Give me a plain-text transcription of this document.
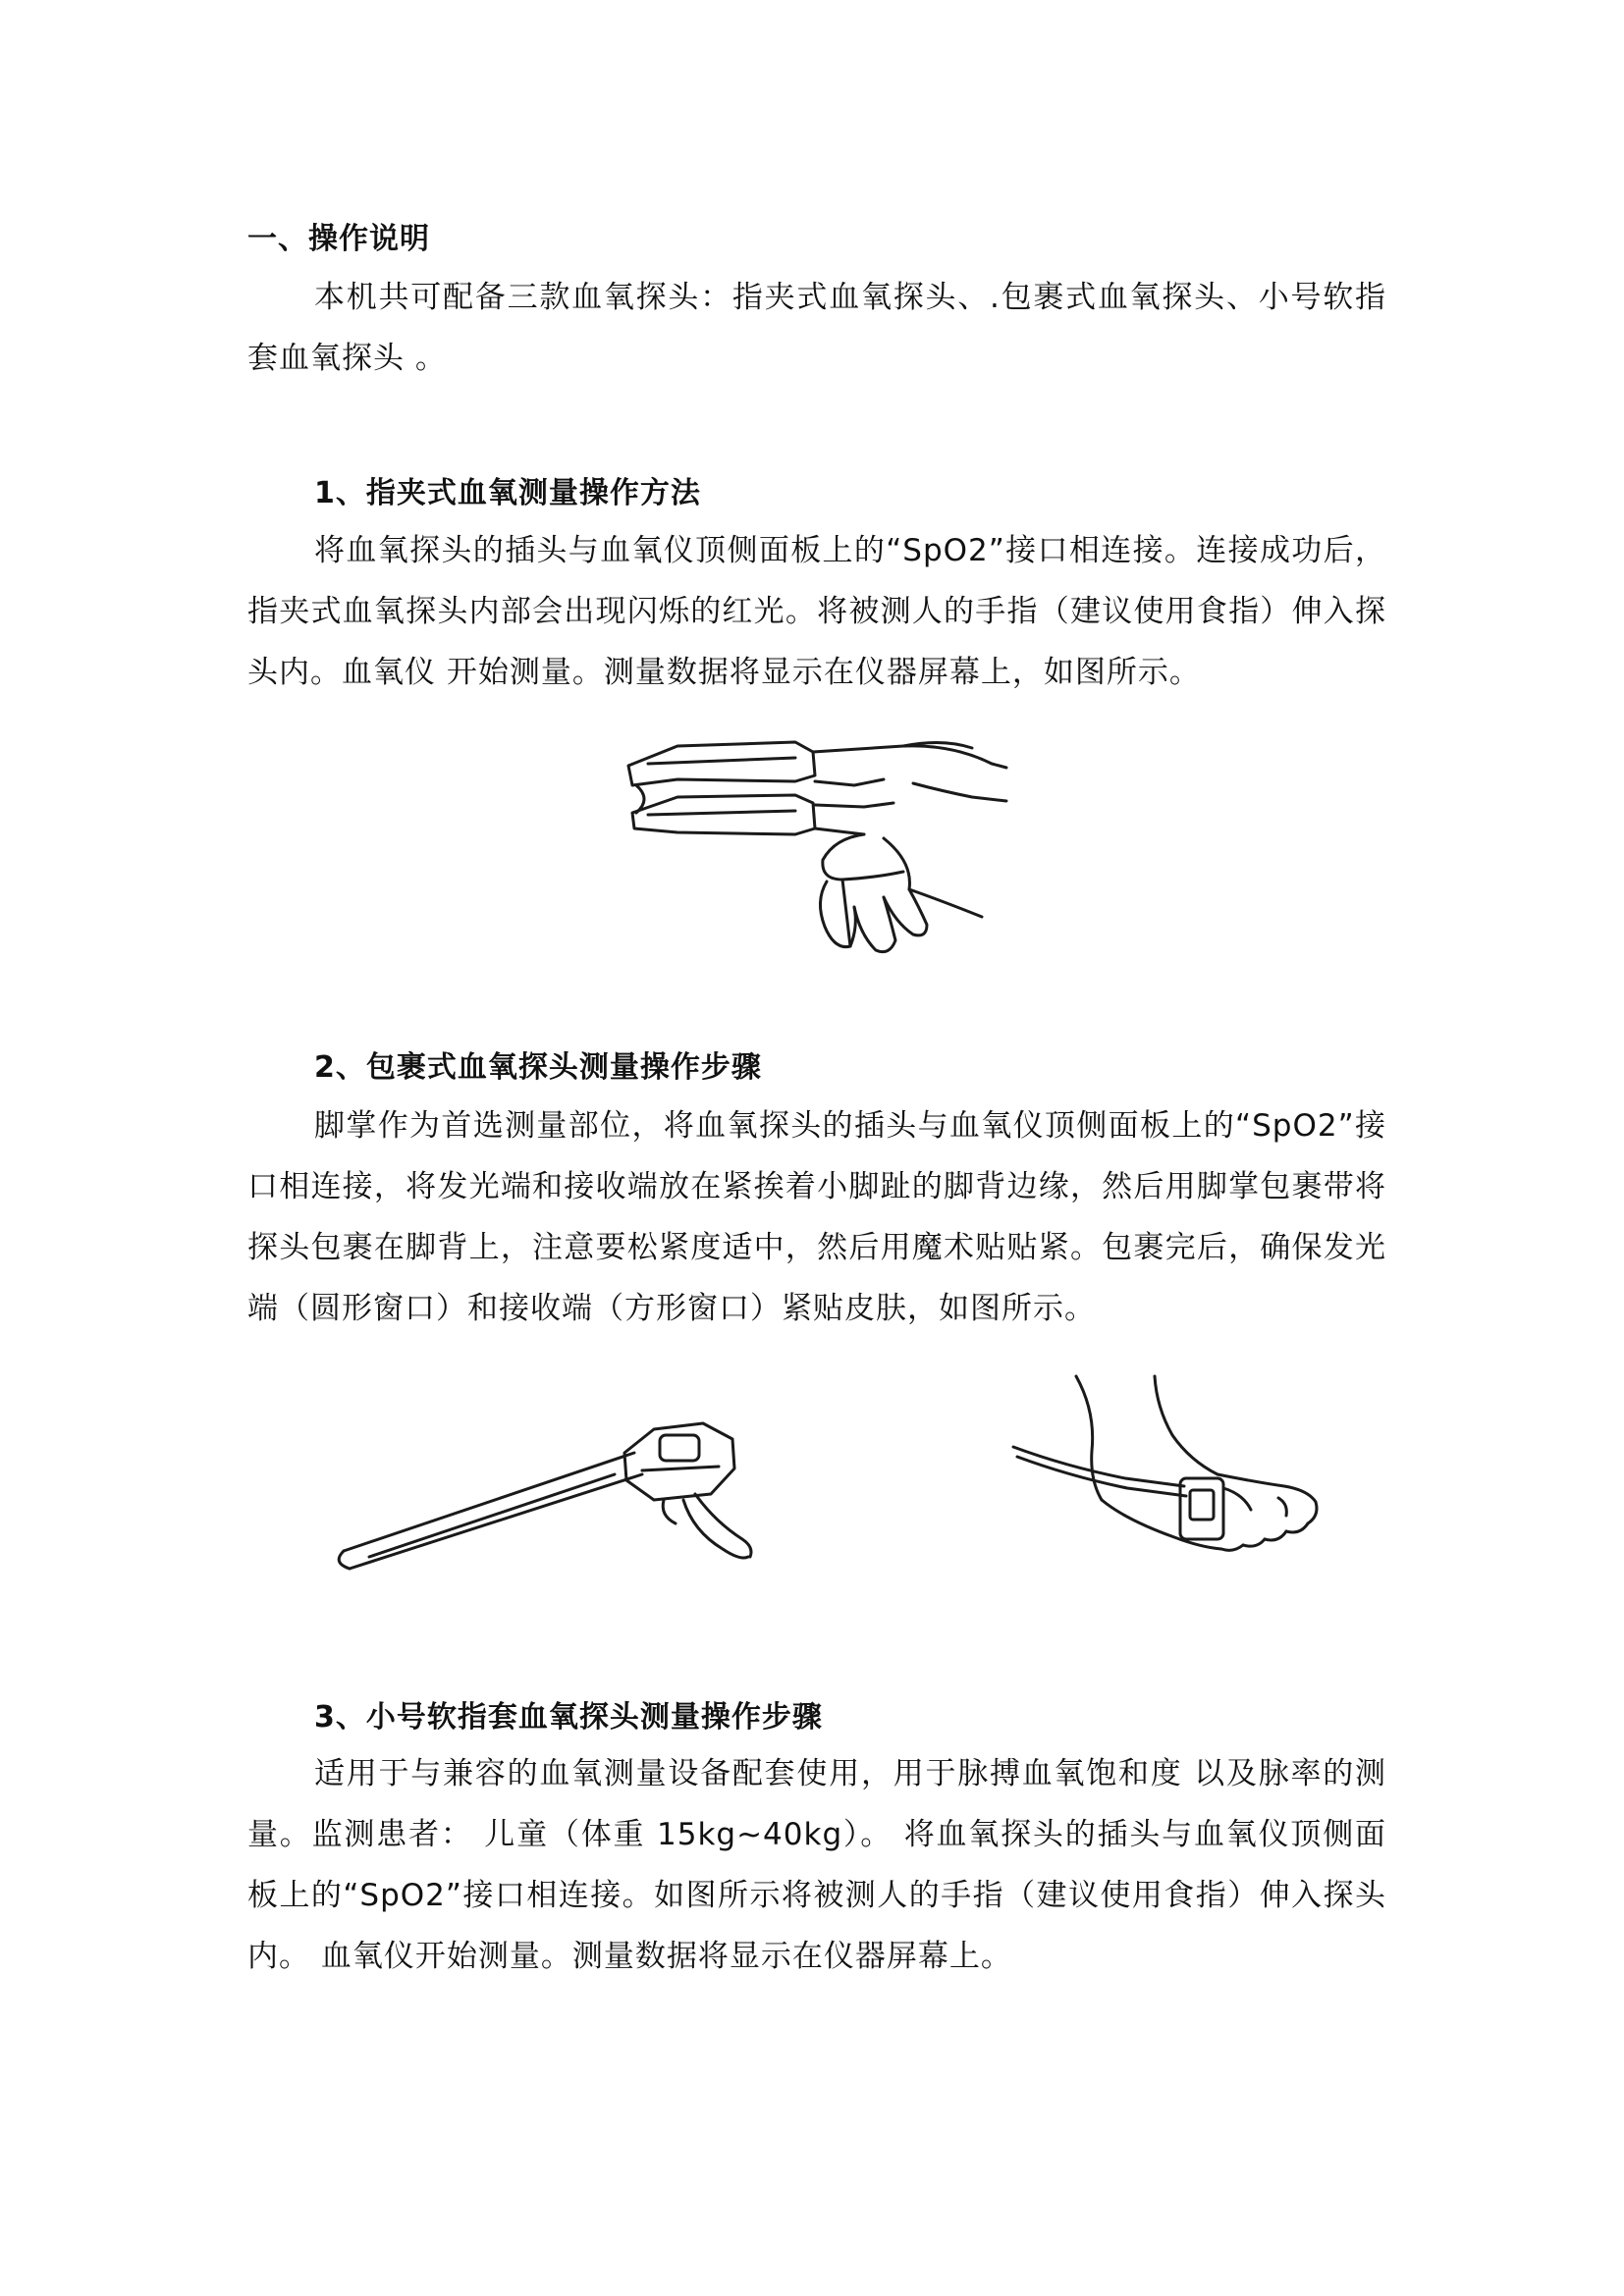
一、操作说明
本机共可配备三款血氧探头：指夹式血氧探头、.包裹式血氧探头、小号软指套血氧探头 。
1、指夹式血氧测量操作方法
将血氧探头的插头与血氧仪顶侧面板上的“SpO2”接口相连接。连接成功后，指夹式血氧探头内部会出现闪烁的红光。将被测人的手指（建议使用食指）伸入探头内。血氧仪 开始测量。测量数据将显示在仪器屏幕上，如图所示。
2、包裹式血氧探头测量操作步骤
脚掌作为首选测量部位，将血氧探头的插头与血氧仪顶侧面板上的“SpO2”接口相连接，将发光端和接收端放在紧挨着小脚趾的脚背边缘，然后用脚掌包裹带将探头包裹在脚背上，注意要松紧度适中，然后用魔术贴贴紧。包裹完后，确保发光端（圆形窗口）和接收端（方形窗口）紧贴皮肤，如图所示。
3、小号软指套血氧探头测量操作步骤
适用于与兼容的血氧测量设备配套使用，用于脉搏血氧饱和度 以及脉率的测 量。监测患者： 儿童（体重 15kg~40kg）。 将血氧探头的插头与血氧仪顶侧面板上的“SpO2”接口相连接。如图所示将被测人的手指（建议使用食指）伸入探头内。 血氧仪开始测量。测量数据将显示在仪器屏幕上。
